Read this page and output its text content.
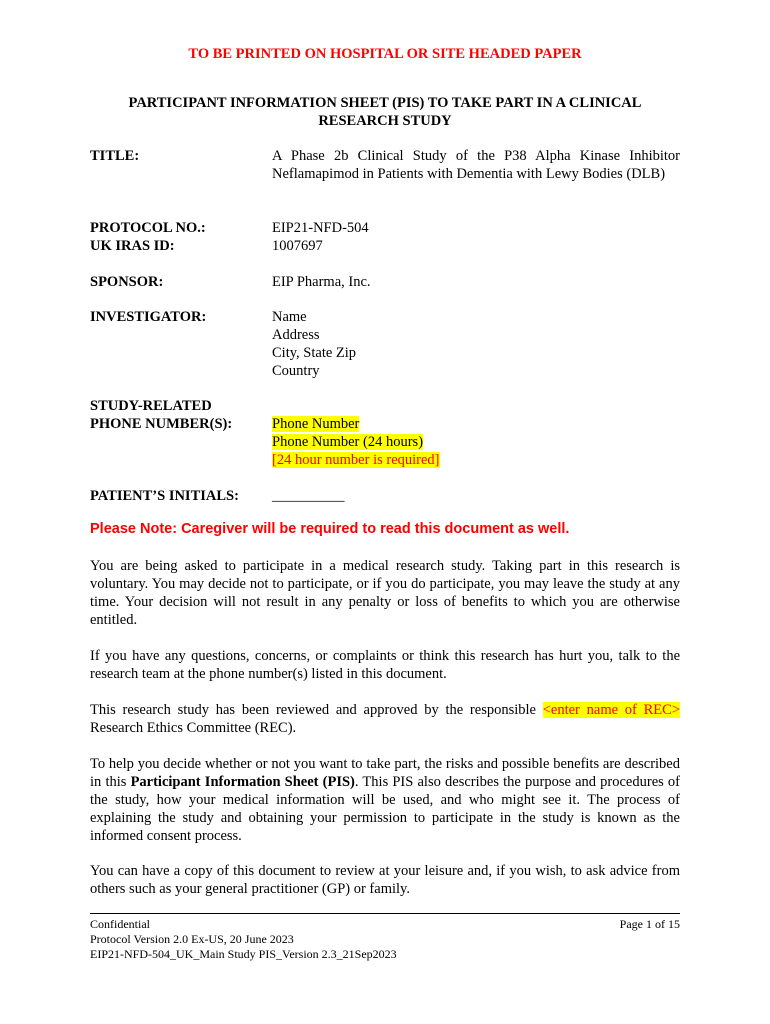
TO BE PRINTED ON HOSPITAL OR SITE HEADED PAPER
PARTICIPANT INFORMATION SHEET (PIS) TO TAKE PART IN A CLINICAL
RESEARCH STUDY
TITLE:	A Phase 2b Clinical Study of the P38 Alpha Kinase Inhibitor Neflamapimod in Patients with Dementia with Lewy Bodies (DLB)
PROTOCOL NO.:	EIP21-NFD-504
UK IRAS ID:	1007697
SPONSOR:	EIP Pharma, Inc.
INVESTIGATOR:	Name
Address
City, State Zip
Country
STUDY-RELATED
PHONE NUMBER(S):	Phone Number
Phone Number (24 hours)
[24 hour number is required]
PATIENT’S INITIALS:	__________
Please Note: Caregiver will be required to read this document as well.
You are being asked to participate in a medical research study. Taking part in this research is voluntary. You may decide not to participate, or if you do participate, you may leave the study at any time. Your decision will not result in any penalty or loss of benefits to which you are otherwise entitled.
If you have any questions, concerns, or complaints or think this research has hurt you, talk to the research team at the phone number(s) listed in this document.
This research study has been reviewed and approved by the responsible <enter name of REC> Research Ethics Committee (REC).
To help you decide whether or not you want to take part, the risks and possible benefits are described in this Participant Information Sheet (PIS). This PIS also describes the purpose and procedures of the study, how your medical information will be used, and who might see it. The process of explaining the study and obtaining your permission to participate in the study is known as the informed consent process.
You can have a copy of this document to review at your leisure and, if you wish, to ask advice from others such as your general practitioner (GP) or family.
Confidential
Protocol Version 2.0 Ex-US, 20 June 2023
EIP21-NFD-504_UK_Main Study PIS_Version 2.3_21Sep2023
Page 1 of 15
